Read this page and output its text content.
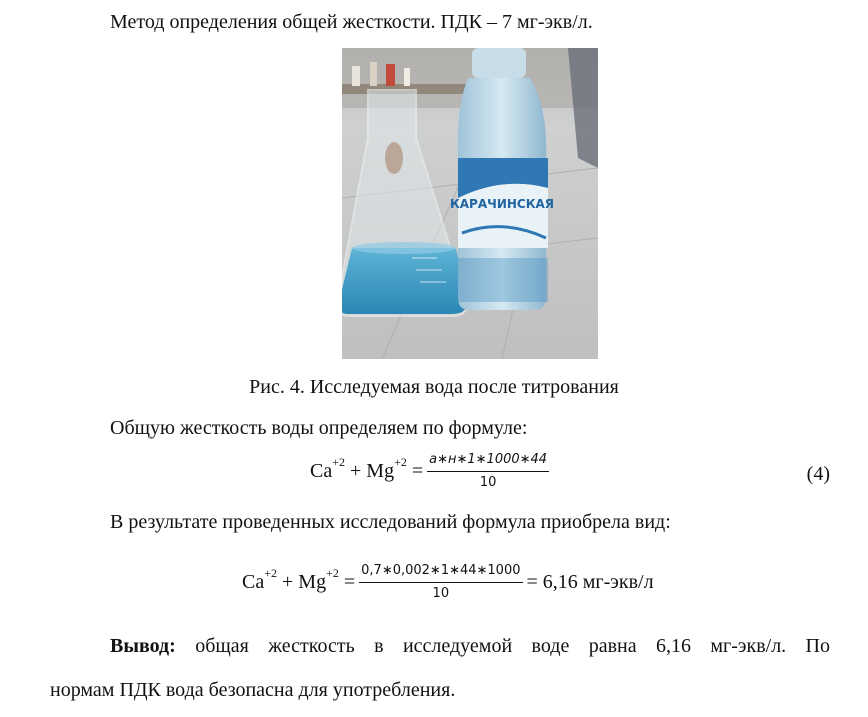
Метод определения общей жесткости. ПДК – 7 мг-экв/л.
КАРАЧИНСКАЯ
Рис. 4. Исследуемая вода после титрования
Общую жесткость воды определяем по формуле:
$Ca^{+2} + Mg^{+2} = \frac{a∗н∗1∗1000∗44}{10}$	(4)
В результате проведенных исследований формула приобрела вид:
$Ca^{+2} + Mg^{+2} = \frac{0,7∗0,002∗1∗44∗1000}{10} = 6,16$ мг-экв/л
Вывод: общая жесткость в исследуемой воде равна 6,16 мг-экв/л. По
нормам ПДК вода безопасна для употребления.
